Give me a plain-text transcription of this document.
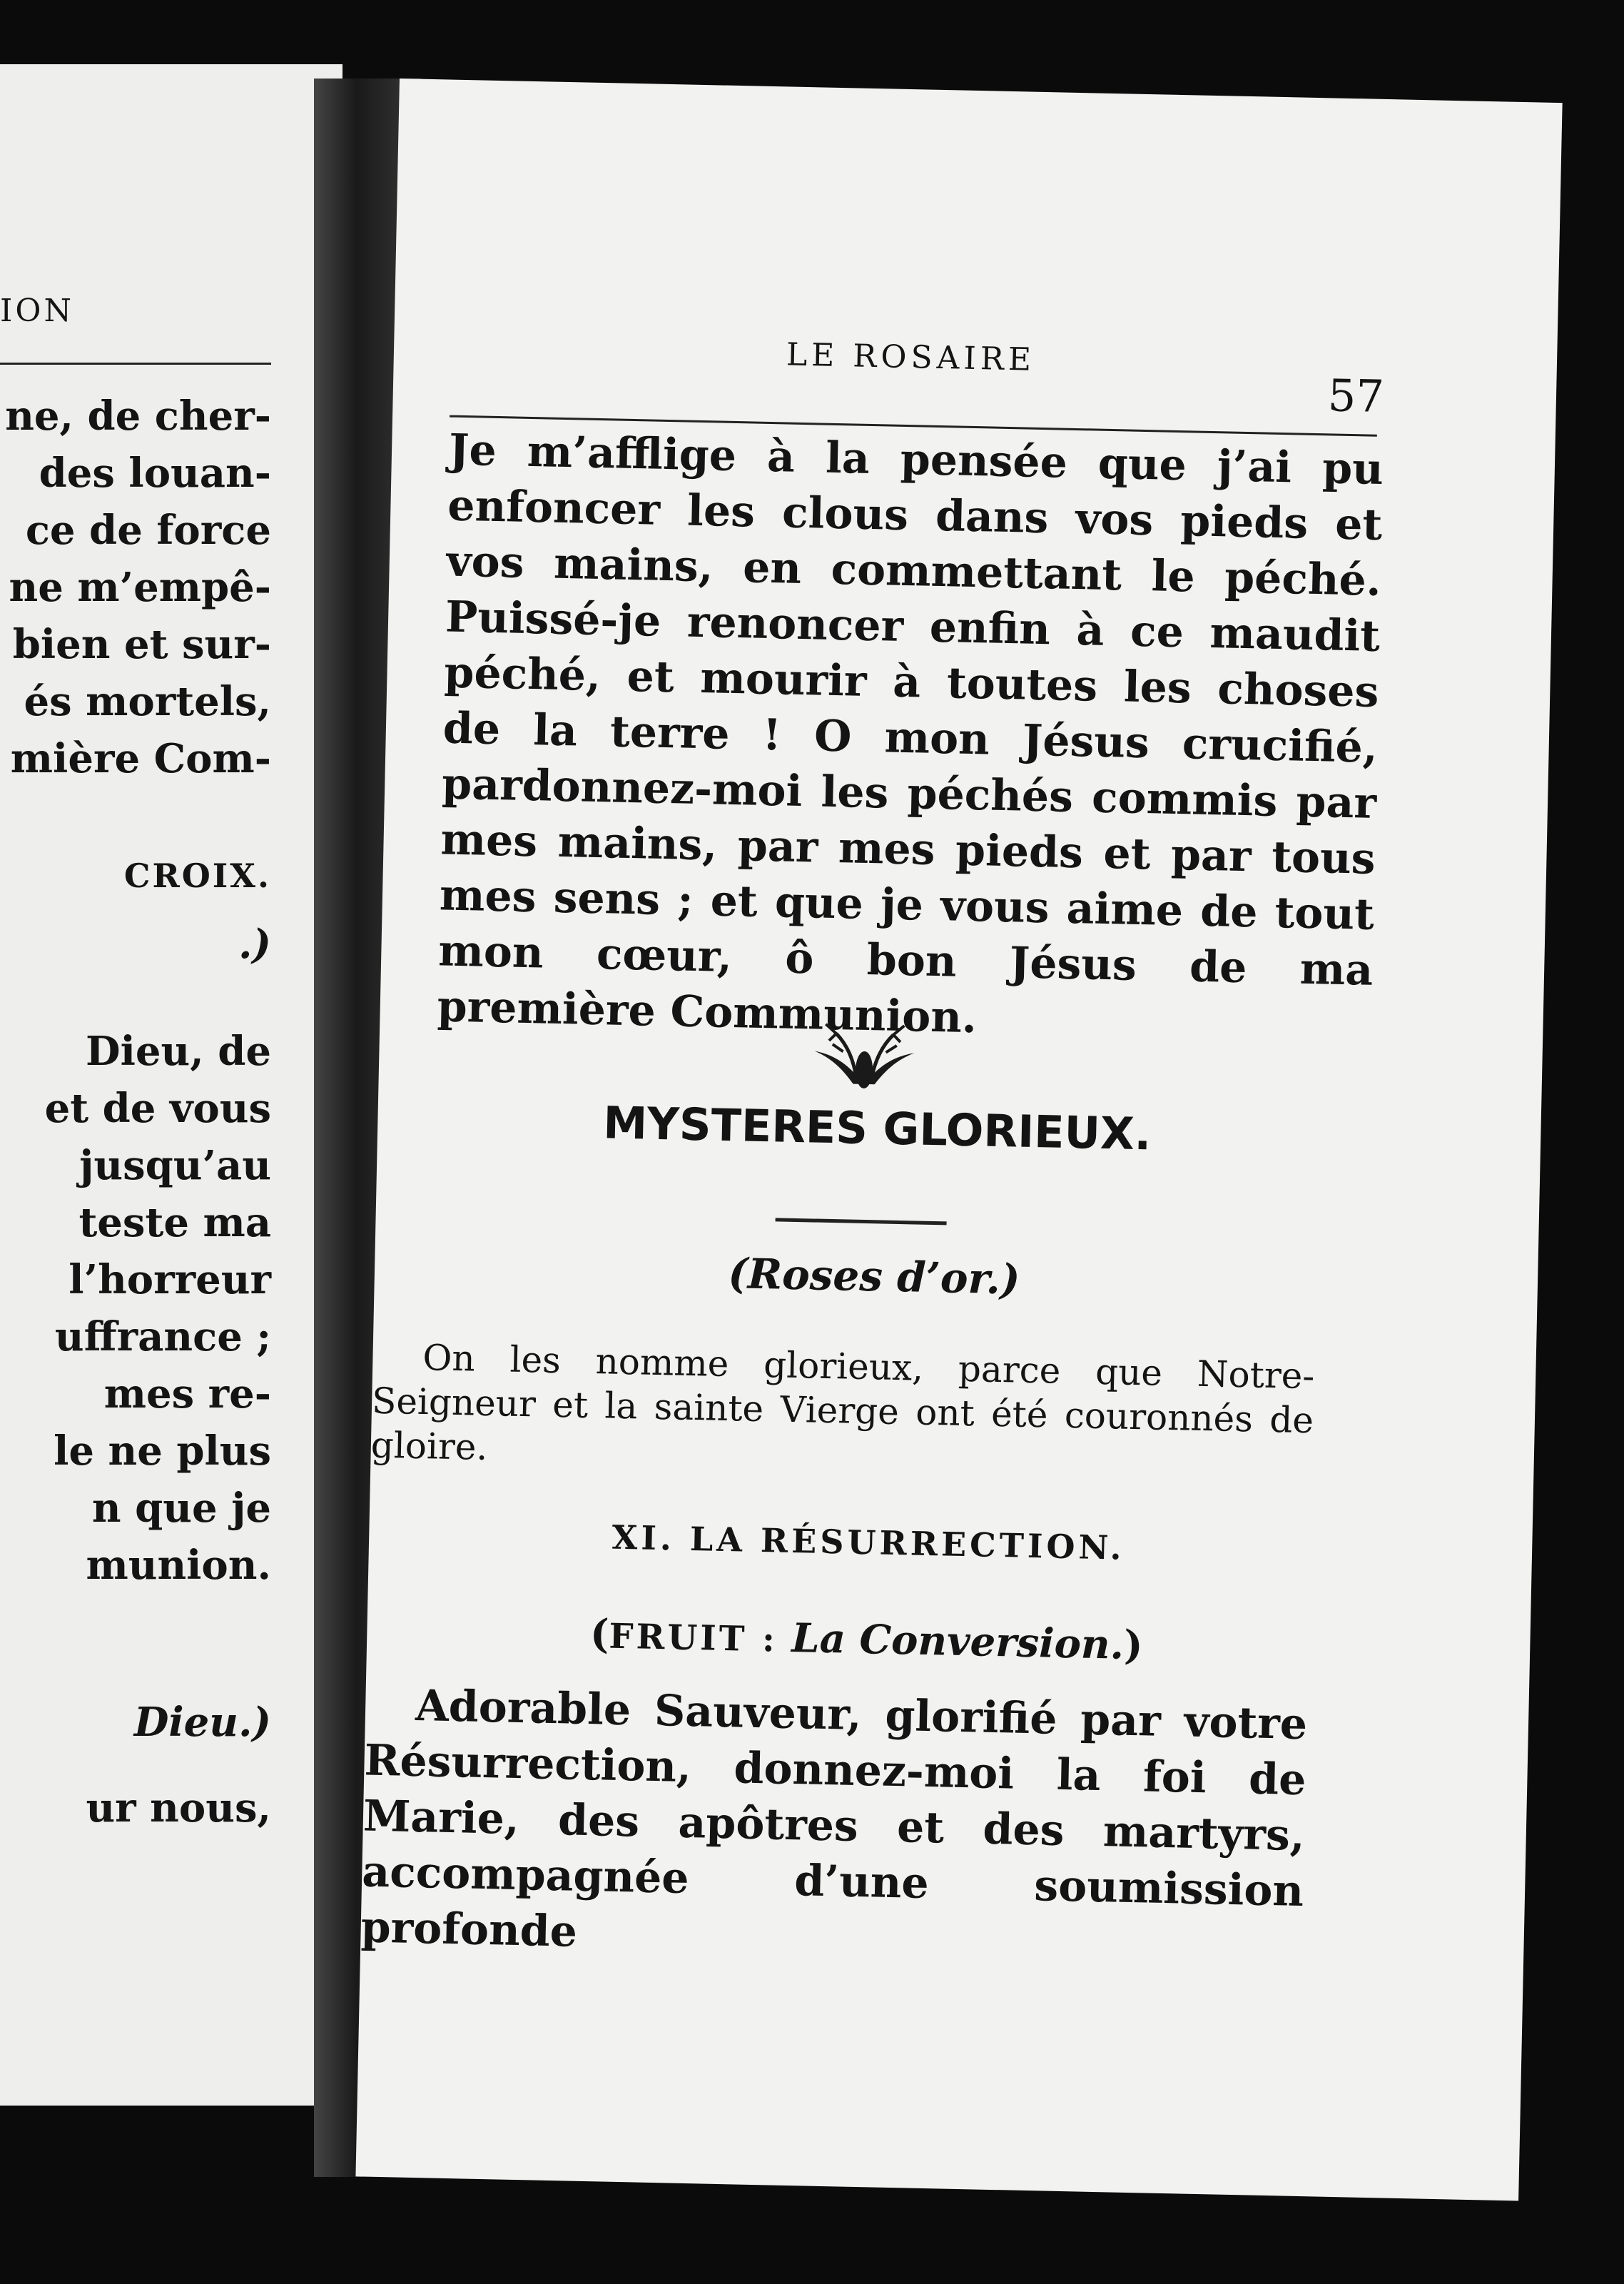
ION
ne, de cher-
des louan-
ce de force
ne m’empê-
bien et sur-
és mortels,
mière Com-
CROIX.
.)
Dieu, de
et de vous
jusqu’au
teste ma
l’horreur
uffrance ;
mes re-
le ne plus
n que je
munion.
Dieu.)
ur nous,
LE ROSAIRE
57
Je m’afflige à la pensée que j’ai pu enfoncer les clous dans vos pieds et vos mains, en commettant le péché. Puissé-je renoncer enfin à ce maudit péché, et mourir à toutes les choses de la terre ! O mon Jésus crucifié, pardonnez-moi les péchés commis par mes mains, par mes pieds et par tous mes sens ; et que je vous aime de tout mon cœur, ô bon Jésus de ma première Communion.
MYSTERES GLORIEUX.
(Roses d’or.)
On les nomme glorieux, parce que Notre-Seigneur et la sainte Vierge ont été couronnés de gloire.
XI. LA RÉSURRECTION.
(FRUIT : La Conversion.)
Adorable Sauveur, glorifié par votre Résurrection, donnez-moi la foi de Marie, des apôtres et des martyrs, accompagnée d’une soumission profonde
